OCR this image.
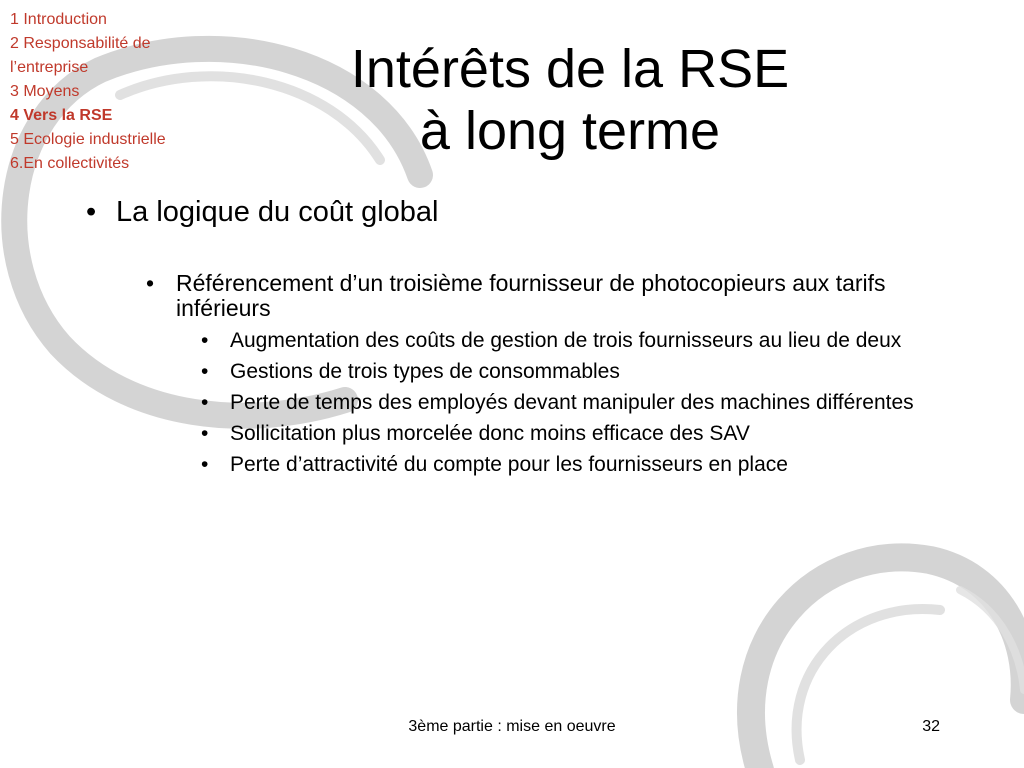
1 Introduction
2 Responsabilité de
l’entreprise
3 Moyens
4 Vers la RSE
5 Ecologie industrielle
6.En collectivités
Intérêts de la RSE
à long terme
• La logique du coût global
• Référencement d’un troisième fournisseur de photocopieurs aux tarifs inférieurs
• Augmentation des coûts de gestion de trois fournisseurs au lieu de deux
• Gestions de trois types de consommables
• Perte de temps des employés devant manipuler des machines différentes
• Sollicitation plus morcelée donc moins efficace des SAV
• Perte d’attractivité du compte pour les fournisseurs en place
3ème partie : mise en oeuvre	32
